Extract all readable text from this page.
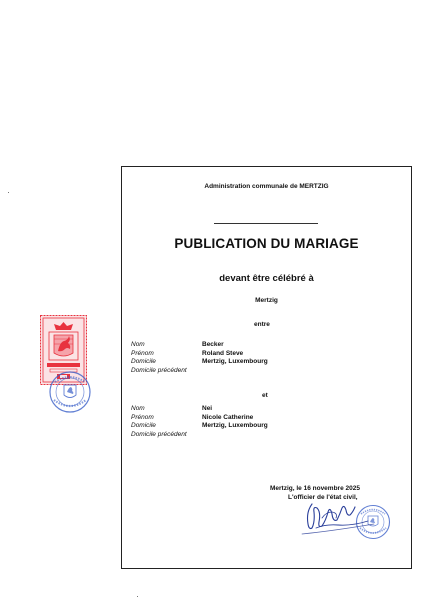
Administration communale de MERTZIG
PUBLICATION DU MARIAGE
devant être célébré à
Mertzig
entre
Nom	Becker
Prénom	Roland Steve
Domicile	Mertzig, Luxembourg
Domicile précédent
et
Nom	Nei
Prénom	Nicole Catherine
Domicile	Mertzig, Luxembourg
Domicile précédent
Mertzig, le 16 novembre 2025
L'officier de l'état civil,
